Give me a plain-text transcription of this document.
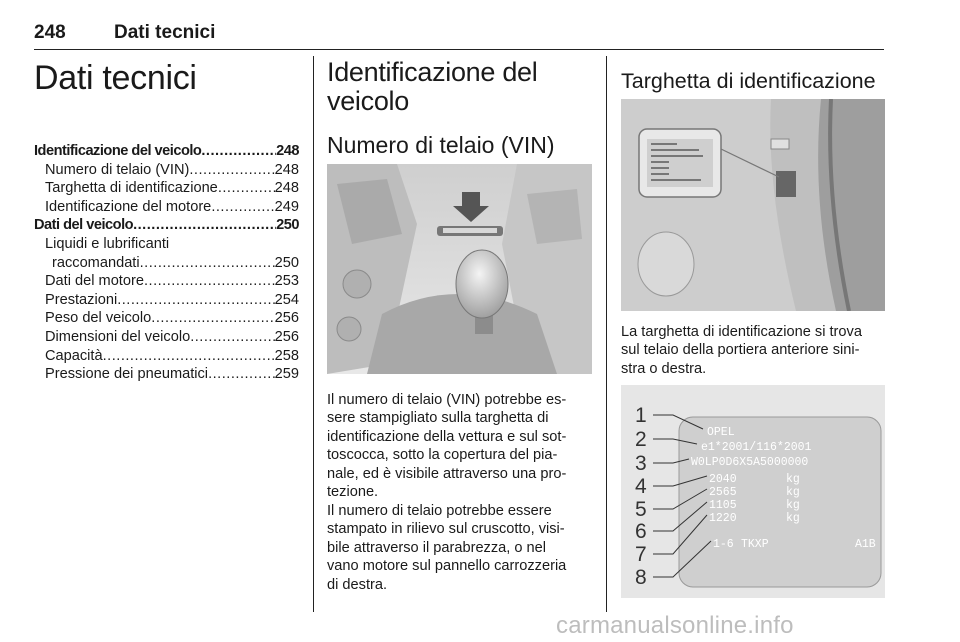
248	Dati tecnici
Dati tecnici
Identificazione del veicolo .....	248
Numero di telaio (VIN) .....	248
Targhetta di identificazione .....	248
Identificazione del motore .....	249
Dati del veicolo .....	250
Liquidi e lubrificanti
raccomandati .....	250
Dati del motore .....	253
Prestazioni .....	254
Peso del veicolo .....	256
Dimensioni del veicolo .....	256
Capacità .....	258
Pressione dei pneumatici .....	259
Identificazione del
veicolo
Numero di telaio (VIN)

Il numero di telaio (VIN) potrebbe es-
sere stampigliato sulla targhetta di
identificazione della vettura e sul sot-
toscocca, sotto la copertura del pia-
nale, ed è visibile attraverso una pro-
tezione.

Il numero di telaio potrebbe essere
stampato in rilievo sul cruscotto, visi-
bile attraverso il parabrezza, o nel
vano motore sul pannello carrozzeria
di destra.

Targhetta di identificazione

La targhetta di identificazione si trova
sul telaio della portiera anteriore sini-
stra o destra.

1
2
3
4
5
6
7
8
OPEL
e1*2001/116*2001
W0LP0D6X5A5000000
2040	kg
2565	kg
1105	kg
1220	kg
1-6 TKXP	A1B
carmanualsonline.info
